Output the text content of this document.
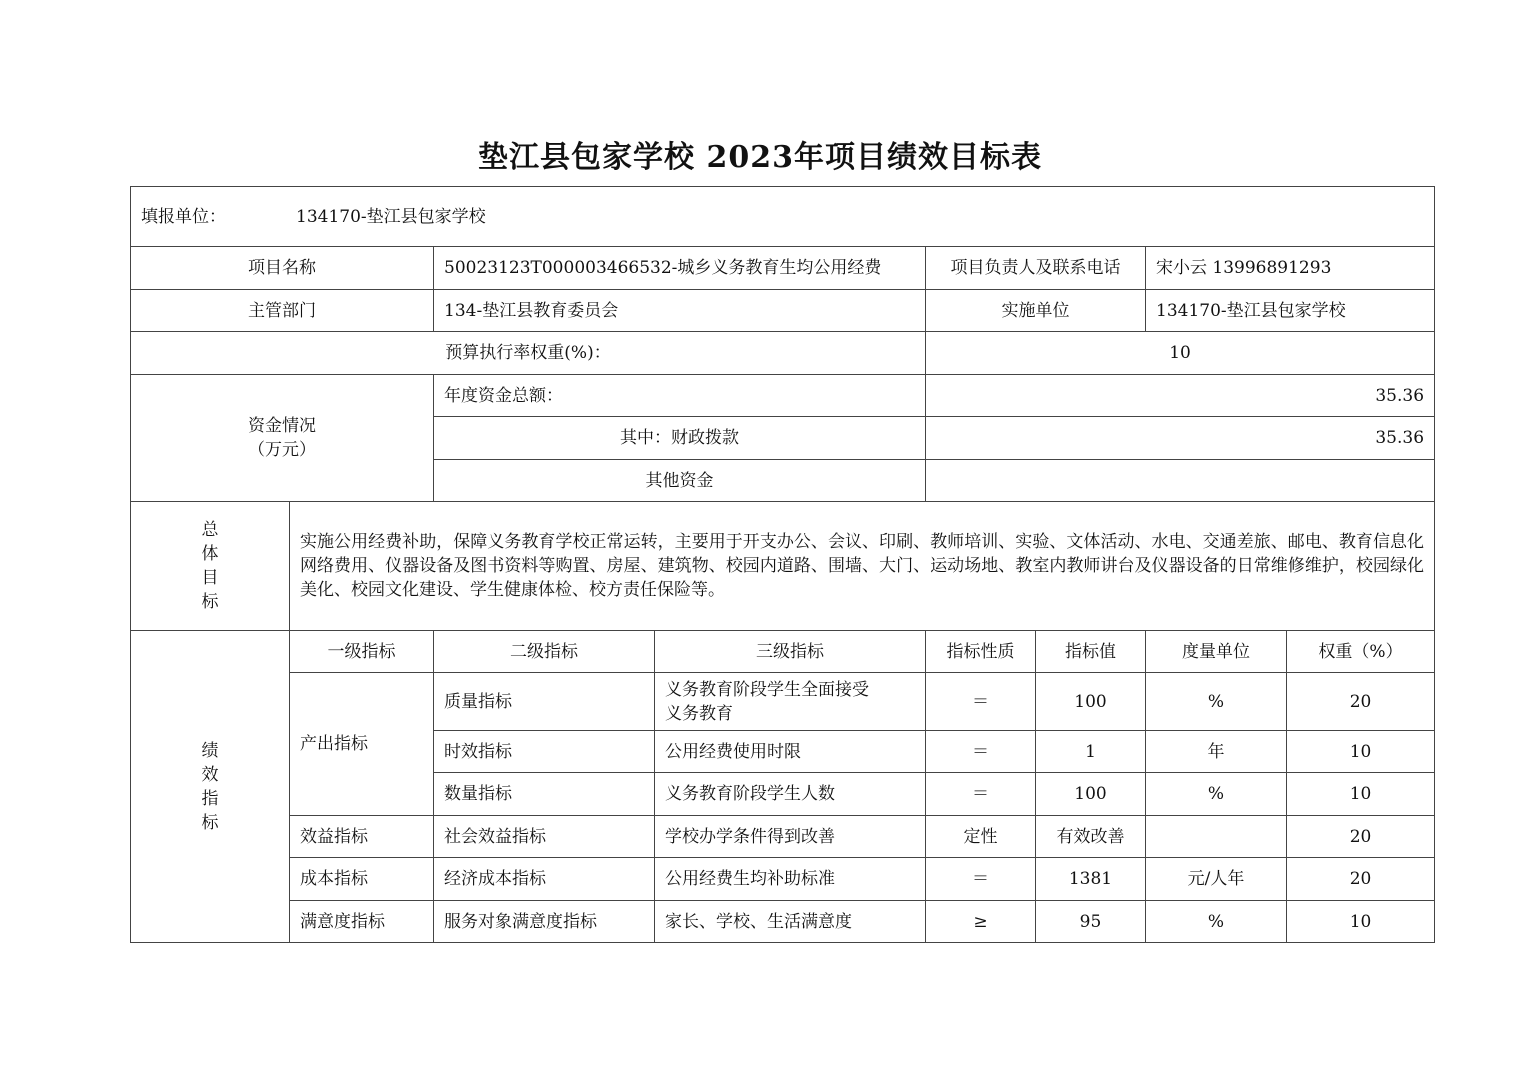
垫江县包家学校 2023年项目绩效目标表
填报单位： 134170-垫江县包家学校							
项目名称		50023123T000003466532-城乡义务教育生均公用经费		项目负责人及联系电话		宋小云 13996891293	
主管部门		134-垫江县教育委员会		实施单位		134170-垫江县包家学校	
预算执行率权重(%)：				10			

资金情况
（万元）		年度资金总额：		35.36			
		其中：财政拨款		35.36			
		其他资金					

总
体
目
标	实施公用经费补助，保障义务教育学校正常运转，主要用于开支办公、会议、印刷、教师培训、实验、文体活动、水电、交通差旅、邮电、教育信息化网络费用、仪器设备及图书资料等购置、房屋、建筑物、校园内道路、围墙、大门、运动场地、教室内教师讲台及仪器设备的日常维修维护，校园绿化美化、校园文化建设、学生健康体检、校方责任保险等。						

绩
效
指
标	一级指标	二级指标	三级指标	指标性质	指标值	度量单位	权重（%）
	产出指标	质量指标	义务教育阶段学生全面接受
义务教育	＝	100	%	20
		时效指标	公用经费使用时限	＝	1	年	10
		数量指标	义务教育阶段学生人数	＝	100	%	10
	效益指标	社会效益指标	学校办学条件得到改善	定性	有效改善		20
	成本指标	经济成本指标	公用经费生均补助标准	＝	1381	元/人年	20
	满意度指标	服务对象满意度指标	家长、学校、生活满意度	≥	95	%	10
